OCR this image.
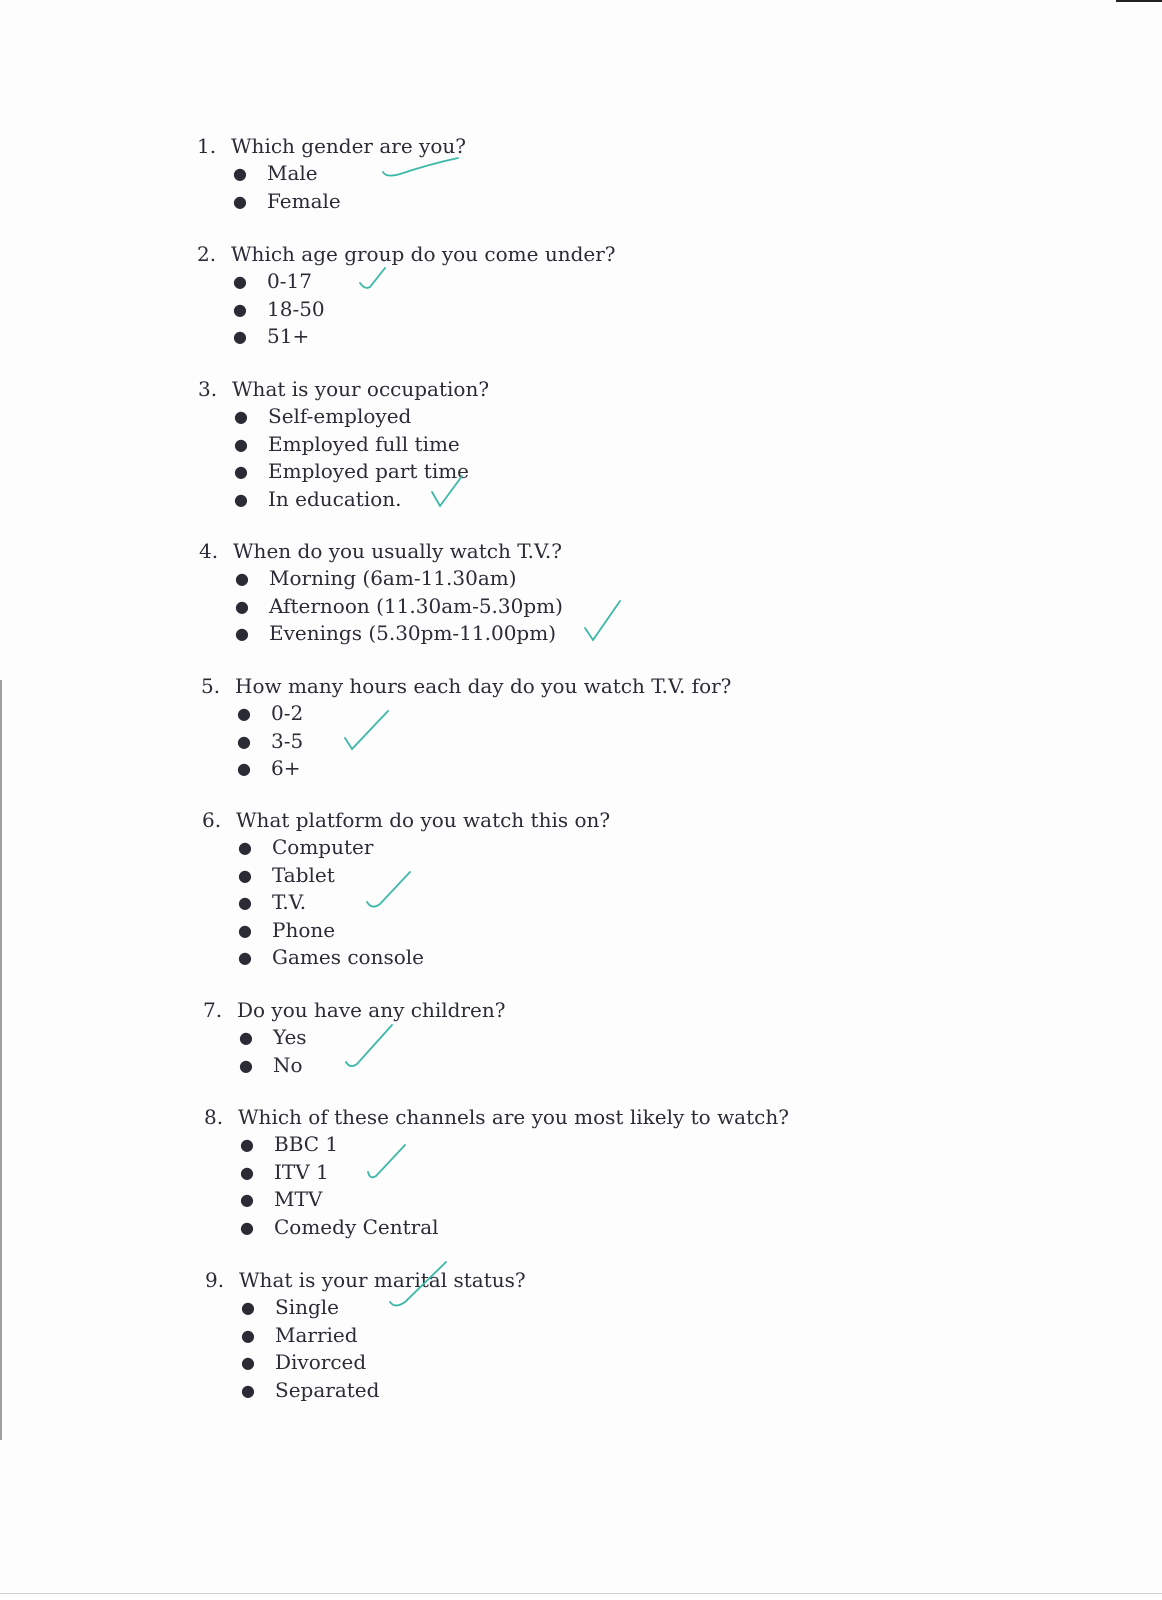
1. Which gender are you?
●	Male
●	Female
2. Which age group do you come under?
●	0-17
●	18-50
●	51+
3. What is your occupation?
●	Self-employed
●	Employed full time
●	Employed part time
●	In education.
4. When do you usually watch T.V.?
●	Morning (6am-11.30am)
●	Afternoon (11.30am-5.30pm)
●	Evenings (5.30pm-11.00pm)
5. How many hours each day do you watch T.V. for?
●	0-2
●	3-5
●	6+
6. What platform do you watch this on?
●	Computer
●	Tablet
●	T.V.
●	Phone
●	Games console
7. Do you have any children?
●	Yes
●	No
8. Which of these channels are you most likely to watch?
●	BBC 1
●	ITV 1
●	MTV
●	Comedy Central
9. What is your marital status?
●	Single
●	Married
●	Divorced
●	Separated
